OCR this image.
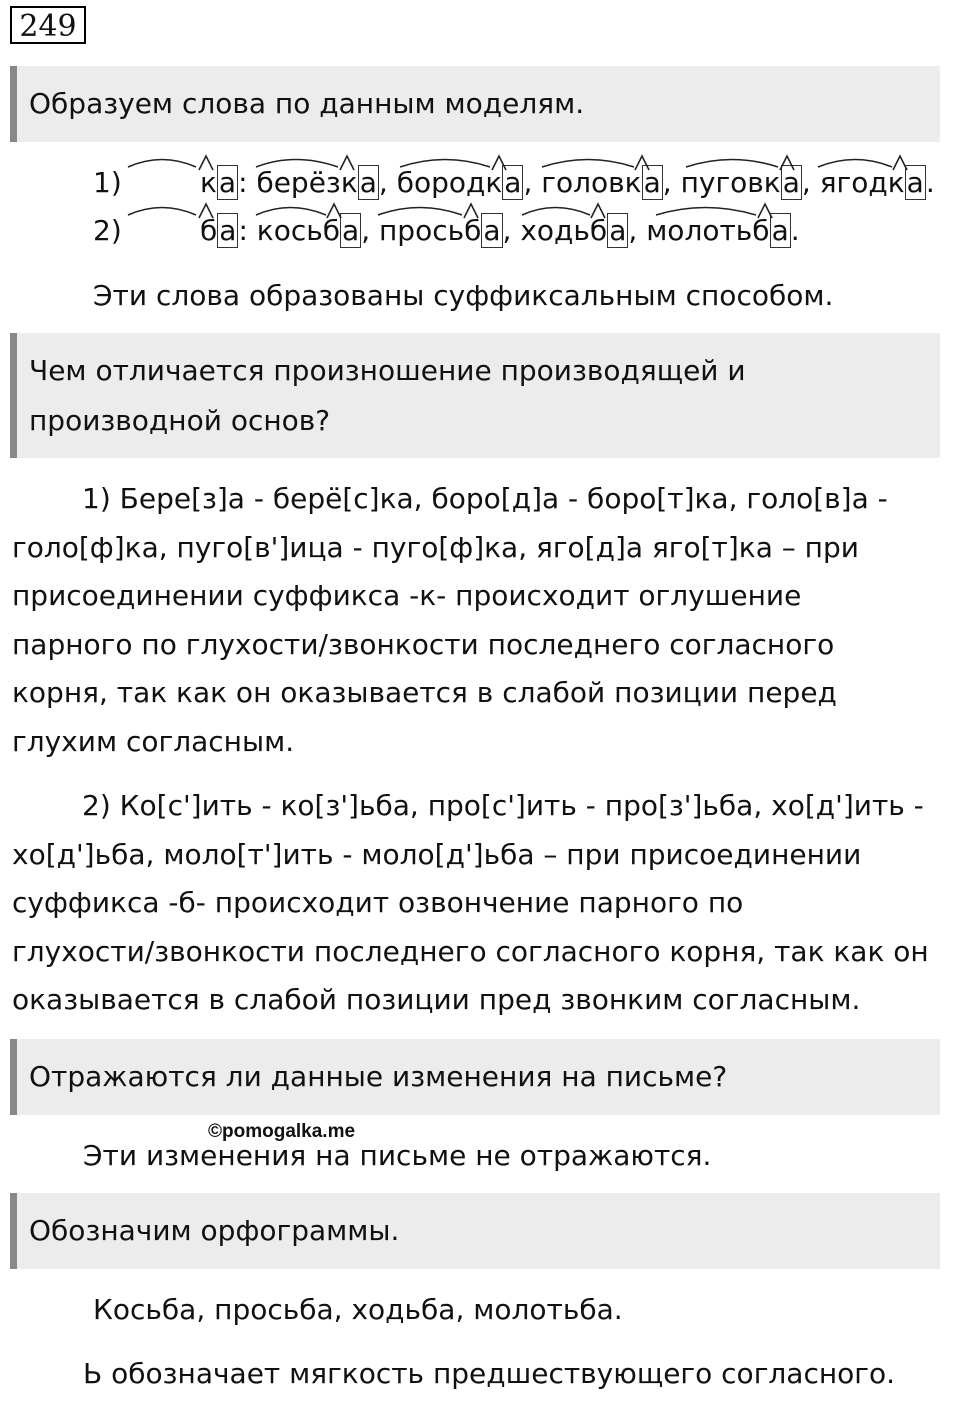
249
Образуем слова по данным моделям.
1)	ка: берёзка, бородка, головка, пуговка, ягодка.
2)	ба: косьба, просьба, ходьба, молотьба.
Эти слова образованы суффиксальным способом.
Чем отличается произношение производящей и
производной основ?
1) Бере[з]а - берё[с]ка, боро[д]а - боро[т]ка, голо[в]а -
голо[ф]ка, пуго[в']ица - пуго[ф]ка, яго[д]а яго[т]ка – при
присоединении суффикса -к- происходит оглушение
парного по глухости/звонкости последнего согласного
корня, так как он оказывается в слабой позиции перед
глухим согласным.
2) Ко[с']ить - ко[з']ьба, про[с']ить - про[з']ьба, хо[д']ить -
хо[д']ьба, моло[т']ить - моло[д']ьба – при присоединении
суффикса -б- происходит озвончение парного по
глухости/звонкости последнего согласного корня, так как он
оказывается в слабой позиции пред звонким согласным.
Отражаются ли данные изменения на письме?
©pomogalka.me
Эти изменения на письме не отражаются.
Обозначим орфограммы.
Косьба, просьба, ходьба, молотьба.
Ь обозначает мягкость предшествующего согласного.
